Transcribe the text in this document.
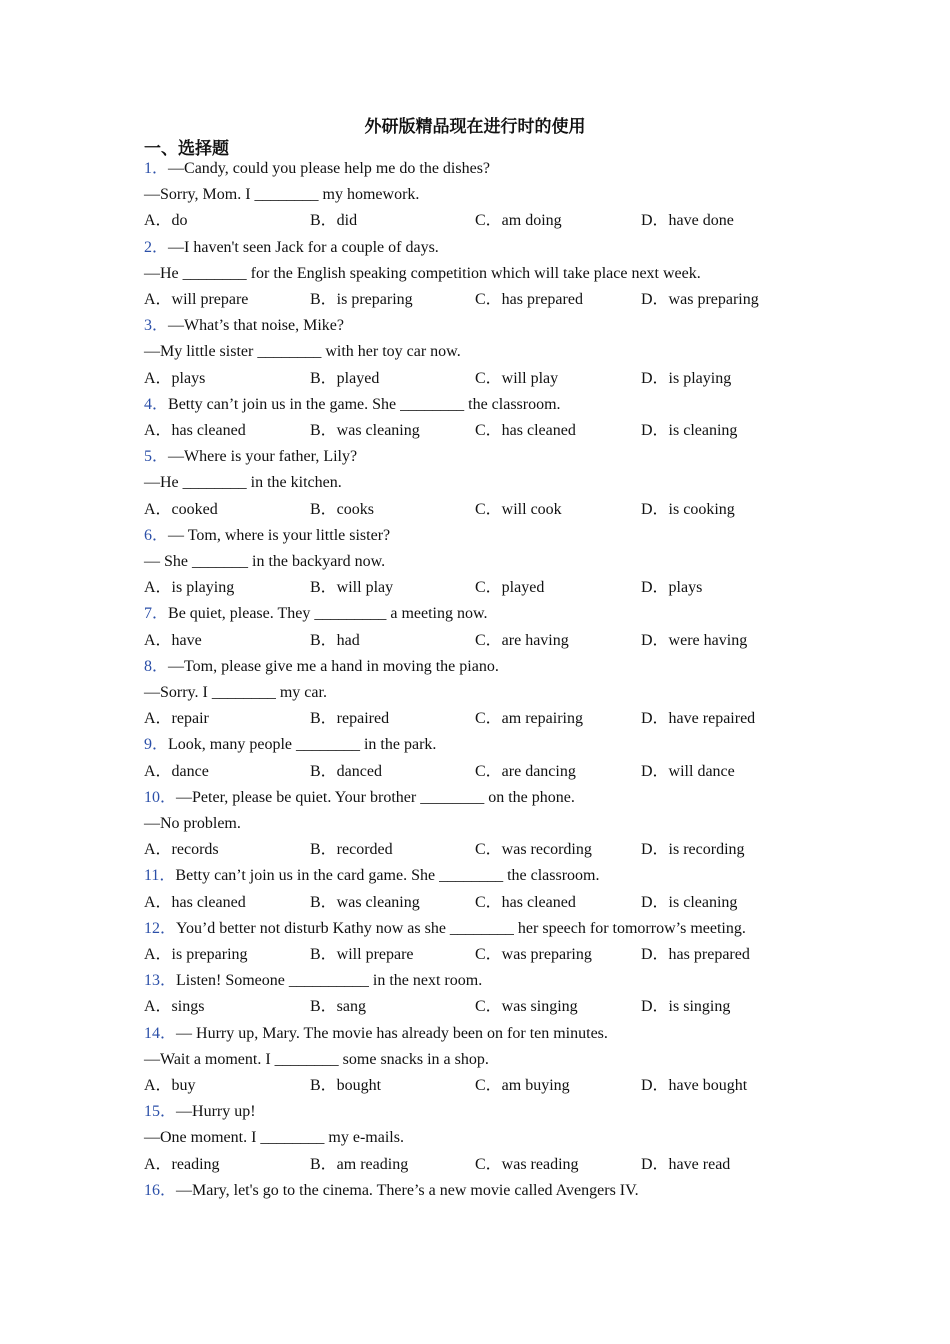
外研版精品现在进行时的使用
一、选择题
1．—Candy, could you please help me do the dishes?
—Sorry, Mom. I ________ my homework.
A．do	B．did	C．am doing	D．have done
2．—I haven't seen Jack for a couple of days.
—He ________ for the English speaking competition which will take place next week.
A．will prepare	B．is preparing	C．has prepared	D．was preparing
3．—What’s that noise, Mike?
—My little sister ________ with her toy car now.
A．plays	B．played	C．will play	D．is playing
4．Betty can’t join us in the game. She ________ the classroom.
A．has cleaned	B．was cleaning	C．has cleaned	D．is cleaning
5．—Where is your father, Lily?
—He ________ in the kitchen.
A．cooked	B．cooks	C．will cook	D．is cooking
6．— Tom, where is your little sister?
— She _______ in the backyard now.
A．is playing	B．will play	C．played	D．plays
7．Be quiet, please. They _________ a meeting now.
A．have	B．had	C．are having	D．were having
8．—Tom, please give me a hand in moving the piano.
—Sorry. I ________ my car.
A．repair	B．repaired	C．am repairing	D．have repaired
9．Look, many people ________ in the park.
A．dance	B．danced	C．are dancing	D．will dance
10．—Peter, please be quiet. Your brother ________ on the phone.
—No problem.
A．records	B．recorded	C．was recording	D．is recording
11．Betty can’t join us in the card game. She ________ the classroom.
A．has cleaned	B．was cleaning	C．has cleaned	D．is cleaning
12．You’d better not disturb Kathy now as she ________ her speech for tomorrow’s meeting.
A．is preparing	B．will prepare	C．was preparing	D．has prepared
13．Listen! Someone __________ in the next room.
A．sings	B．sang	C．was singing	D．is singing
14．— Hurry up, Mary. The movie has already been on for ten minutes.
—Wait a moment. I ________ some snacks in a shop.
A．buy	B．bought	C．am buying	D．have bought
15．—Hurry up!
—One moment. I ________ my e-mails.
A．reading	B．am reading	C．was reading	D．have read
16．—Mary, let's go to the cinema. There’s a new movie called Avengers IV.
